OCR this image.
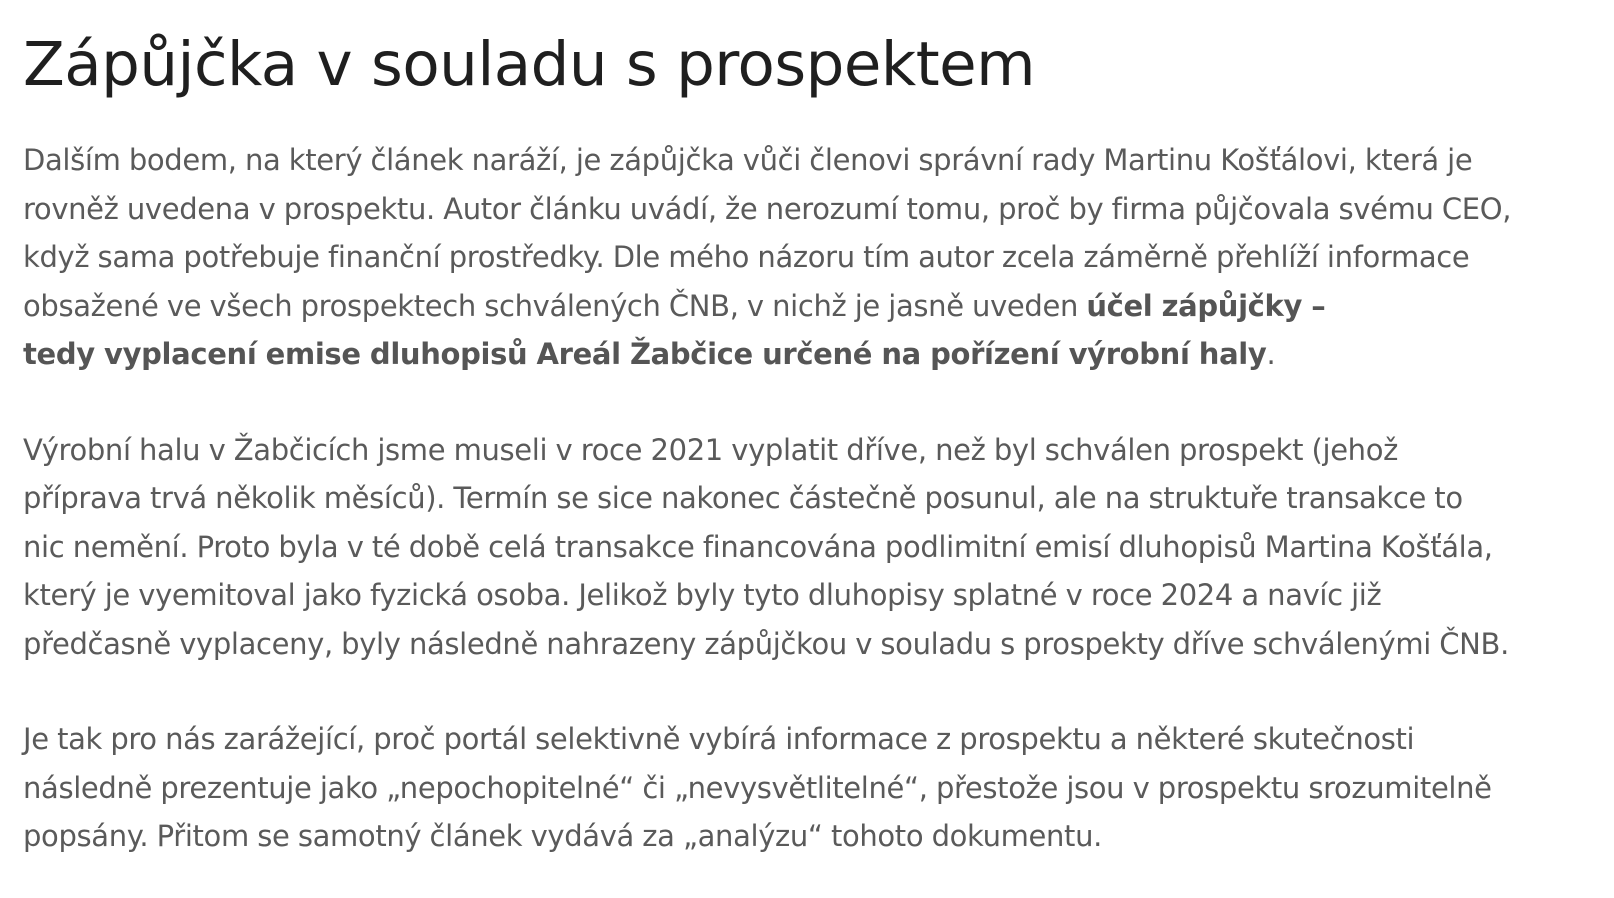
Zápůjčka v souladu s prospektem

Dalším bodem, na který článek naráží, je zápůjčka vůči členovi správní rady Martinu Košťálovi, která je
rovněž uvedena v prospektu. Autor článku uvádí, že nerozumí tomu, proč by firma půjčovala svému CEO,
když sama potřebuje finanční prostředky. Dle mého názoru tím autor zcela záměrně přehlíží informace
obsažené ve všech prospektech schválených ČNB, v nichž je jasně uveden účel zápůjčky –
tedy vyplacení emise dluhopisů Areál Žabčice určené na pořízení výrobní haly.

Výrobní halu v Žabčicích jsme museli v roce 2021 vyplatit dříve, než byl schválen prospekt (jehož
příprava trvá několik měsíců). Termín se sice nakonec částečně posunul, ale na struktuře transakce to
nic nemění. Proto byla v té době celá transakce financována podlimitní emisí dluhopisů Martina Košťála,
který je vyemitoval jako fyzická osoba. Jelikož byly tyto dluhopisy splatné v roce 2024 a navíc již
předčasně vyplaceny, byly následně nahrazeny zápůjčkou v souladu s prospekty dříve schválenými ČNB.

Je tak pro nás zarážející, proč portál selektivně vybírá informace z prospektu a některé skutečnosti
následně prezentuje jako „nepochopitelné“ či „nevysvětlitelné“, přestože jsou v prospektu srozumitelně
popsány. Přitom se samotný článek vydává za „analýzu“ tohoto dokumentu.
